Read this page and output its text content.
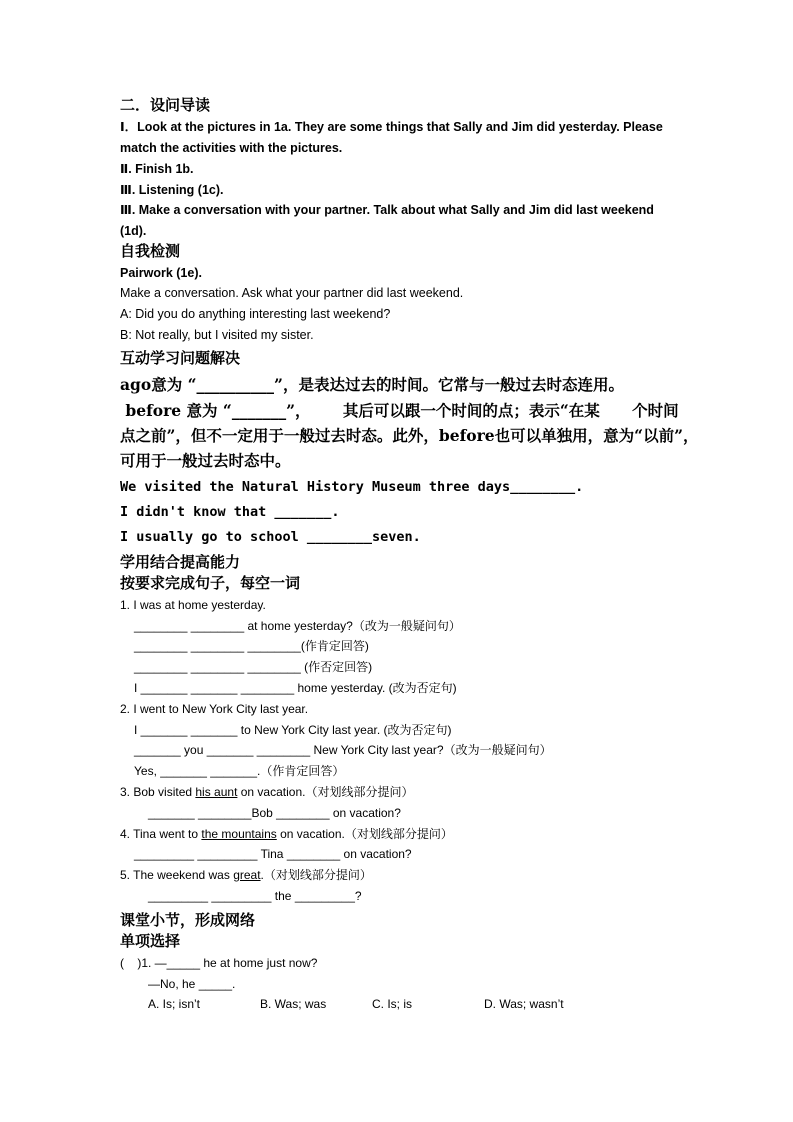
二．设问导读
Ⅰ．Look at the pictures in 1a. They are some things that Sally and Jim did yesterday. Please
match the activities with the pictures.
Ⅱ. Finish 1b.
Ⅲ. Listening (1c).
Ⅲ. Make a conversation with your partner. Talk about what Sally and Jim did last weekend
(1d).
自我检测
Pairwork (1e).
Make a conversation. Ask what your partner did last weekend.
A: Did you do anything interesting last weekend?
B: Not really, but I visited my sister.
互动学习问题解决
ago意为 “__________”，是表达过去的时间。它常与一般过去时态连用。
before 意为 “_______”，      其后可以跟一个时间的点；表示“在某      个时间
点之前”，但不一定用于一般过去时态。此外，before也可以单独用，意为“以前”，
可用于一般过去时态中。
We visited the Natural History Museum three days________.
I didn't know that _______.
I usually go to school ________seven.
学用结合提高能力
按要求完成句子，每空一词
1. I was at home yesterday.
________ ________ at home yesterday?（改为一般疑问句）
________ ________ ________(作肯定回答)
________ ________ ________ (作否定回答)
I _______ _______ ________ home yesterday. (改为否定句)
2. I went to New York City last year.
I _______ _______ to New York City last year. (改为否定句)
_______ you _______ ________ New York City last year?（改为一般疑问句）
Yes, _______ _______.（作肯定回答）
3. Bob visited his aunt on vacation.（对划线部分提问）
_______ ________Bob ________ on vacation?
4. Tina went to the mountains on vacation.（对划线部分提问）
_________ _________ Tina ________ on vacation?
5. The weekend was great.（对划线部分提问）
_________ _________ the _________?
课堂小节，形成网络
单项选择
(    )1. —_____ he at home just now?
—No, he _____.
A. Is; isn’t	B. Was; was	C. Is; is	D. Was; wasn’t
